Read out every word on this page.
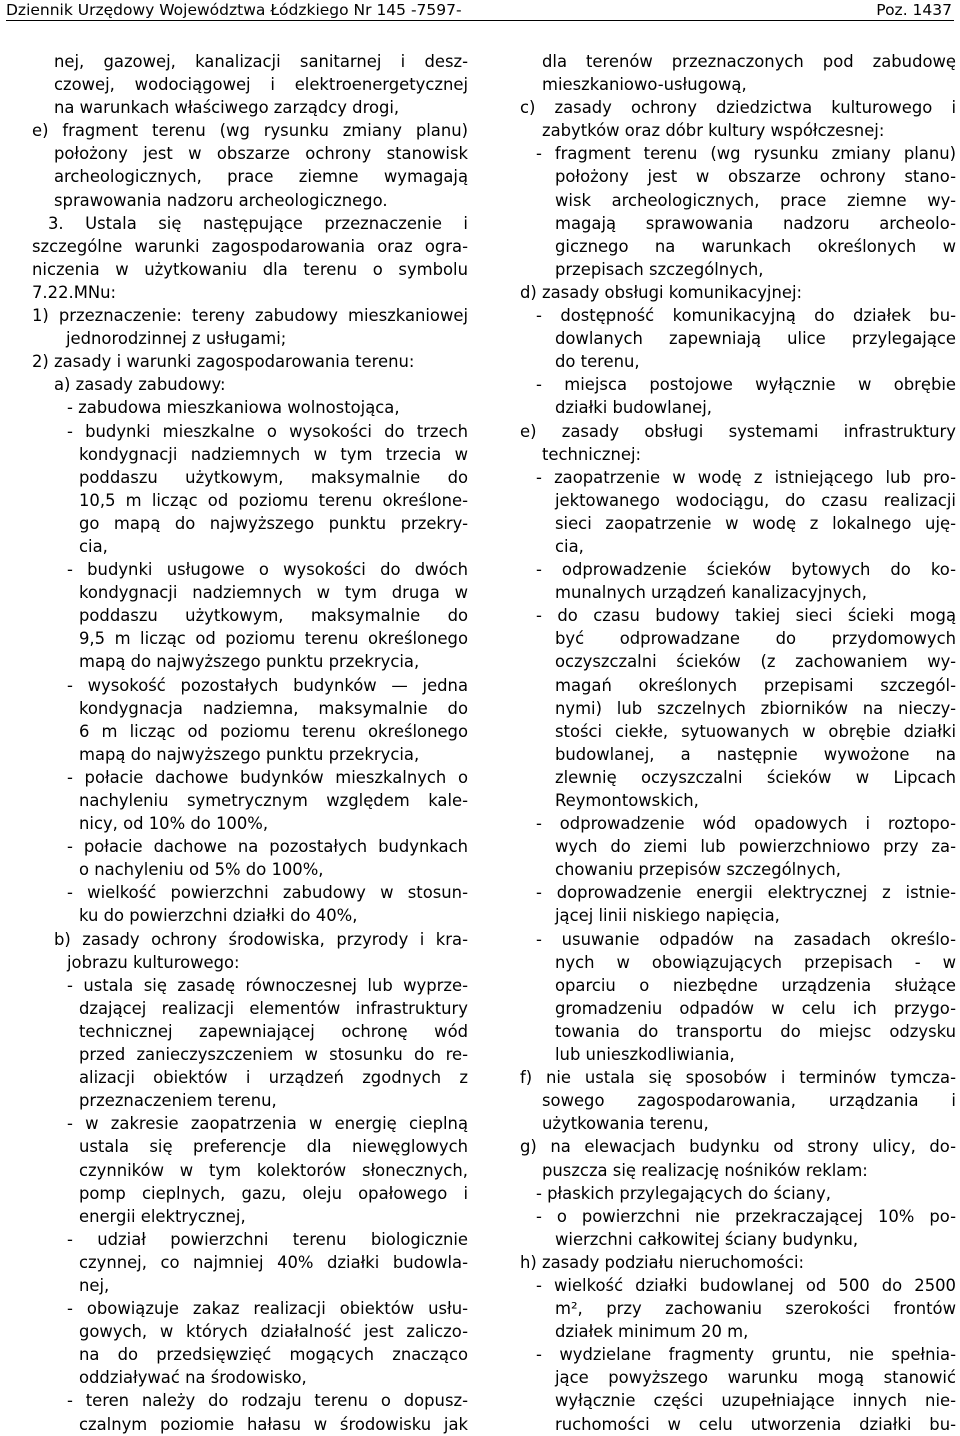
Dziennik Urzędowy Województwa Łódzkiego Nr 145 -7597-	Poz. 1437
nej, gazowej, kanalizacji sanitarnej i desz-
czowej, wodociągowej i elektroenergetycznej
na warunkach właściwego zarządcy drogi,
e) fragment terenu (wg rysunku zmiany planu)
położony jest w obszarze ochrony stanowisk
archeologicznych, prace ziemne wymagają
sprawowania nadzoru archeologicznego.
3. Ustala się następujące przeznaczenie i
szczególne warunki zagospodarowania oraz ogra-
niczenia w użytkowaniu dla terenu o symbolu
7.22.MNu:
1) przeznaczenie: tereny zabudowy mieszkaniowej
jednorodzinnej z usługami;
2) zasady i warunki zagospodarowania terenu:
a) zasady zabudowy:
- zabudowa mieszkaniowa wolnostojąca,
- budynki mieszkalne o wysokości do trzech
kondygnacji nadziemnych w tym trzecia w
poddaszu użytkowym, maksymalnie do
10,5 m licząc od poziomu terenu określone-
go mapą do najwyższego punktu przekry-
cia,
- budynki usługowe o wysokości do dwóch
kondygnacji nadziemnych w tym druga w
poddaszu użytkowym, maksymalnie do
9,5 m licząc od poziomu terenu określonego
mapą do najwyższego punktu przekrycia,
- wysokość pozostałych budynków — jedna
kondygnacja nadziemna, maksymalnie do
6 m licząc od poziomu terenu określonego
mapą do najwyższego punktu przekrycia,
- połacie dachowe budynków mieszkalnych o
nachyleniu symetrycznym względem kale-
nicy, od 10% do 100%,
- połacie dachowe na pozostałych budynkach
o nachyleniu od 5% do 100%,
- wielkość powierzchni zabudowy w stosun-
ku do powierzchni działki do 40%,
b) zasady ochrony środowiska, przyrody i kra-
jobrazu kulturowego:
- ustala się zasadę równoczesnej lub wyprze-
dzającej realizacji elementów infrastruktury
technicznej zapewniającej ochronę wód
przed zanieczyszczeniem w stosunku do re-
alizacji obiektów i urządzeń zgodnych z
przeznaczeniem terenu,
- w zakresie zaopatrzenia w energię cieplną
ustala się preferencje dla niewęglowych
czynników w tym kolektorów słonecznych,
pomp cieplnych, gazu, oleju opałowego i
energii elektrycznej,
- udział powierzchni terenu biologicznie
czynnej, co najmniej 40% działki budowla-
nej,
- obowiązuje zakaz realizacji obiektów usłu-
gowych, w których działalność jest zaliczo-
na do przedsięwzięć mogących znacząco
oddziaływać na środowisko,
- teren należy do rodzaju terenu o dopusz-
czalnym poziomie hałasu w środowisku jak
dla terenów przeznaczonych pod zabudowę
mieszkaniowo-usługową,
c) zasady ochrony dziedzictwa kulturowego i
zabytków oraz dóbr kultury współczesnej:
- fragment terenu (wg rysunku zmiany planu)
położony jest w obszarze ochrony stano-
wisk archeologicznych, prace ziemne wy-
magają sprawowania nadzoru archeolo-
gicznego na warunkach określonych w
przepisach szczególnych,
d) zasady obsługi komunikacyjnej:
- dostępność komunikacyjną do działek bu-
dowlanych zapewniają ulice przylegające
do terenu,
- miejsca postojowe wyłącznie w obrębie
działki budowlanej,
e) zasady obsługi systemami infrastruktury
technicznej:
- zaopatrzenie w wodę z istniejącego lub pro-
jektowanego wodociągu, do czasu realizacji
sieci zaopatrzenie w wodę z lokalnego uję-
cia,
- odprowadzenie ścieków bytowych do ko-
munalnych urządzeń kanalizacyjnych,
- do czasu budowy takiej sieci ścieki mogą
być odprowadzane do przydomowych
oczyszczalni ścieków (z zachowaniem wy-
magań określonych przepisami szczegól-
nymi) lub szczelnych zbiorników na nieczy-
stości ciekłe, sytuowanych w obrębie działki
budowlanej, a następnie wywożone na
zlewnię oczyszczalni ścieków w Lipcach
Reymontowskich,
- odprowadzenie wód opadowych i roztopo-
wych do ziemi lub powierzchniowo przy za-
chowaniu przepisów szczególnych,
- doprowadzenie energii elektrycznej z istnie-
jącej linii niskiego napięcia,
- usuwanie odpadów na zasadach określo-
nych w obowiązujących przepisach - w
oparciu o niezbędne urządzenia służące
gromadzeniu odpadów w celu ich przygo-
towania do transportu do miejsc odzysku
lub unieszkodliwiania,
f) nie ustala się sposobów i terminów tymcza-
sowego zagospodarowania, urządzania i
użytkowania terenu,
g) na elewacjach budynku od strony ulicy, do-
puszcza się realizację nośników reklam:
- płaskich przylegających do ściany,
- o powierzchni nie przekraczającej 10% po-
wierzchni całkowitej ściany budynku,
h) zasady podziału nieruchomości:
- wielkość działki budowlanej od 500 do 2500
m², przy zachowaniu szerokości frontów
działek minimum 20 m,
- wydzielane fragmenty gruntu, nie spełnia-
jące powyższego warunku mogą stanowić
wyłącznie części uzupełniające innych nie-
ruchomości w celu utworzenia działki bu-
